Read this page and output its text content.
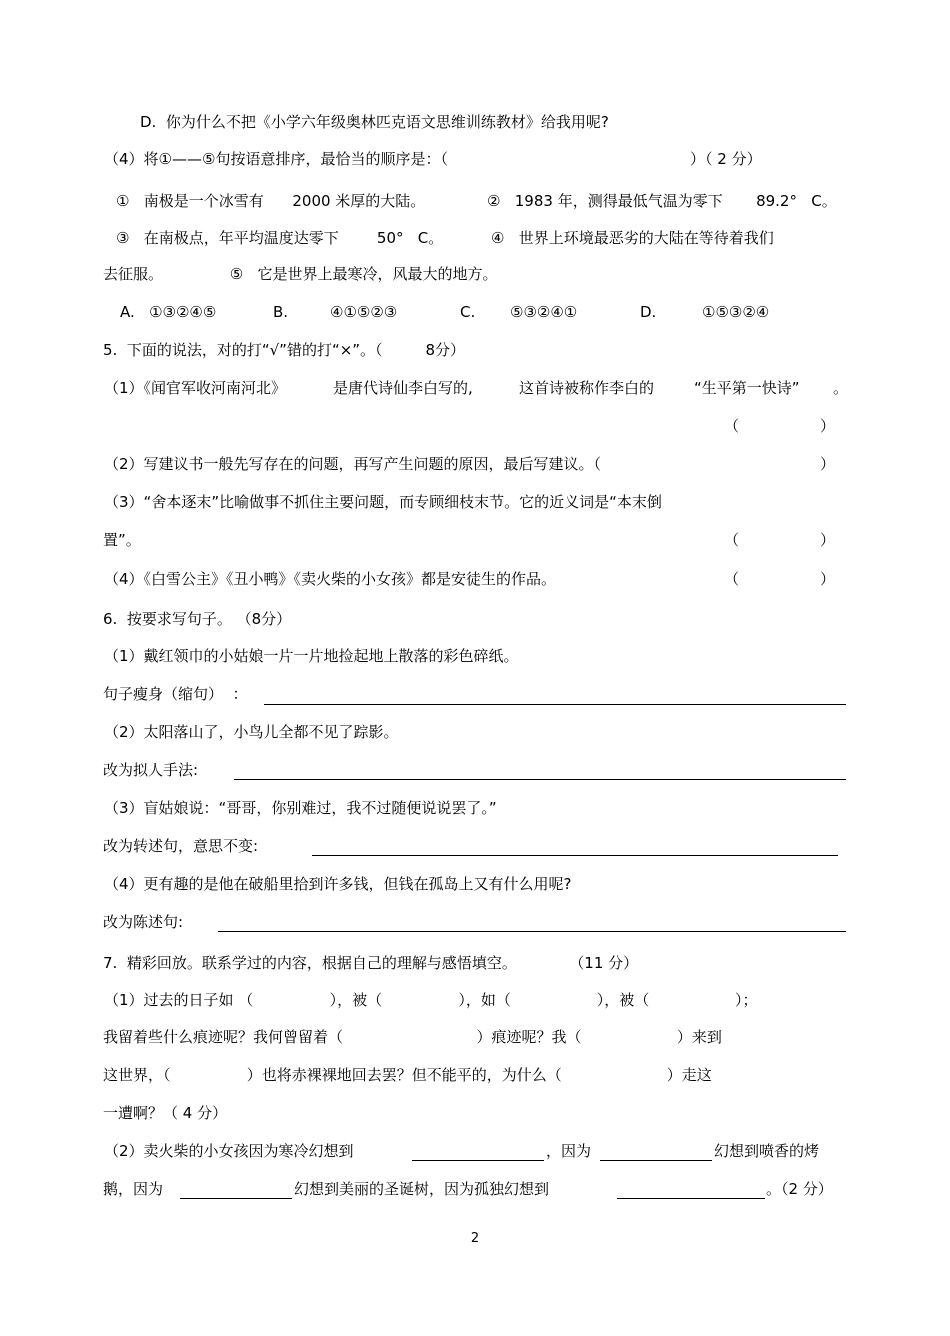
D.  你为什么不把《小学六年级奥林匹克语文思维训练教材》给我用呢?
（4）将①——⑤句按语意排序，最恰当的顺序是：（	）（ 2 分）
①   南极是一个冰雪有      2000 米厚的大陆。	②   1983 年，测得最低气温为零下       89.2°   C。
③   在南极点，年平均温度达零下        50°   C。	④   世界上环境最恶劣的大陆在等待着我们
去征服。              ⑤   它是世界上最寒冷，风最大的地方。
A.   ①③②④⑤	B.	④①⑤②③	C. ⑤③②④①	D.	①⑤③②④
5.  下面的说法，对的打“√”错的打“×”。（         8分）
（1）《闻官军收河南河北》	是唐代诗仙李白写的,	这首诗被称作李白的	“生平第一快诗” 。
（	）
（2）写建议书一般先写存在的问题，再写产生问题的原因，最后写建议。（	）
（3）“舍本逐末”比喻做事不抓住主要问题，而专顾细枝末节。它的近义词是“本末倒
置”。	（	）
（4）《白雪公主》《丑小鸭》《卖火柴的小女孩》都是安徒生的作品。	（	）
6.  按要求写句子。 （8分）
（1）戴红领巾的小姑娘一片一片地捡起地上散落的彩色碎纸。
句子瘦身（缩句）  ：
（2）太阳落山了，小鸟儿全都不见了踪影。
改为拟人手法:
（3）盲姑娘说：“哥哥，你别难过，我不过随便说说罢了。”
改为转述句，意思不变:
（4）更有趣的是他在破船里拾到许多钱，但钱在孤岛上又有什么用呢?
改为陈述句:
7.  精彩回放。联系学过的内容，根据自己的理解与感悟填空。           （11 分）
（1）过去的日子如 （                ），被（                ），如（                  ），被（                  ）；
我留着些什么痕迹呢？我何曾留着（                            ）痕迹呢？我（                    ）来到
这世界，（                ）也将赤裸裸地回去罢？但不能平的，为什么（                      ）走这
一遭啊？（ 4 分）
（2）卖火柴的小女孩因为寒冷幻想到	，因为	幻想到喷香的烤
鹅，因为	幻想到美丽的圣诞树，因为孤独幻想到	。（2 分）
2
